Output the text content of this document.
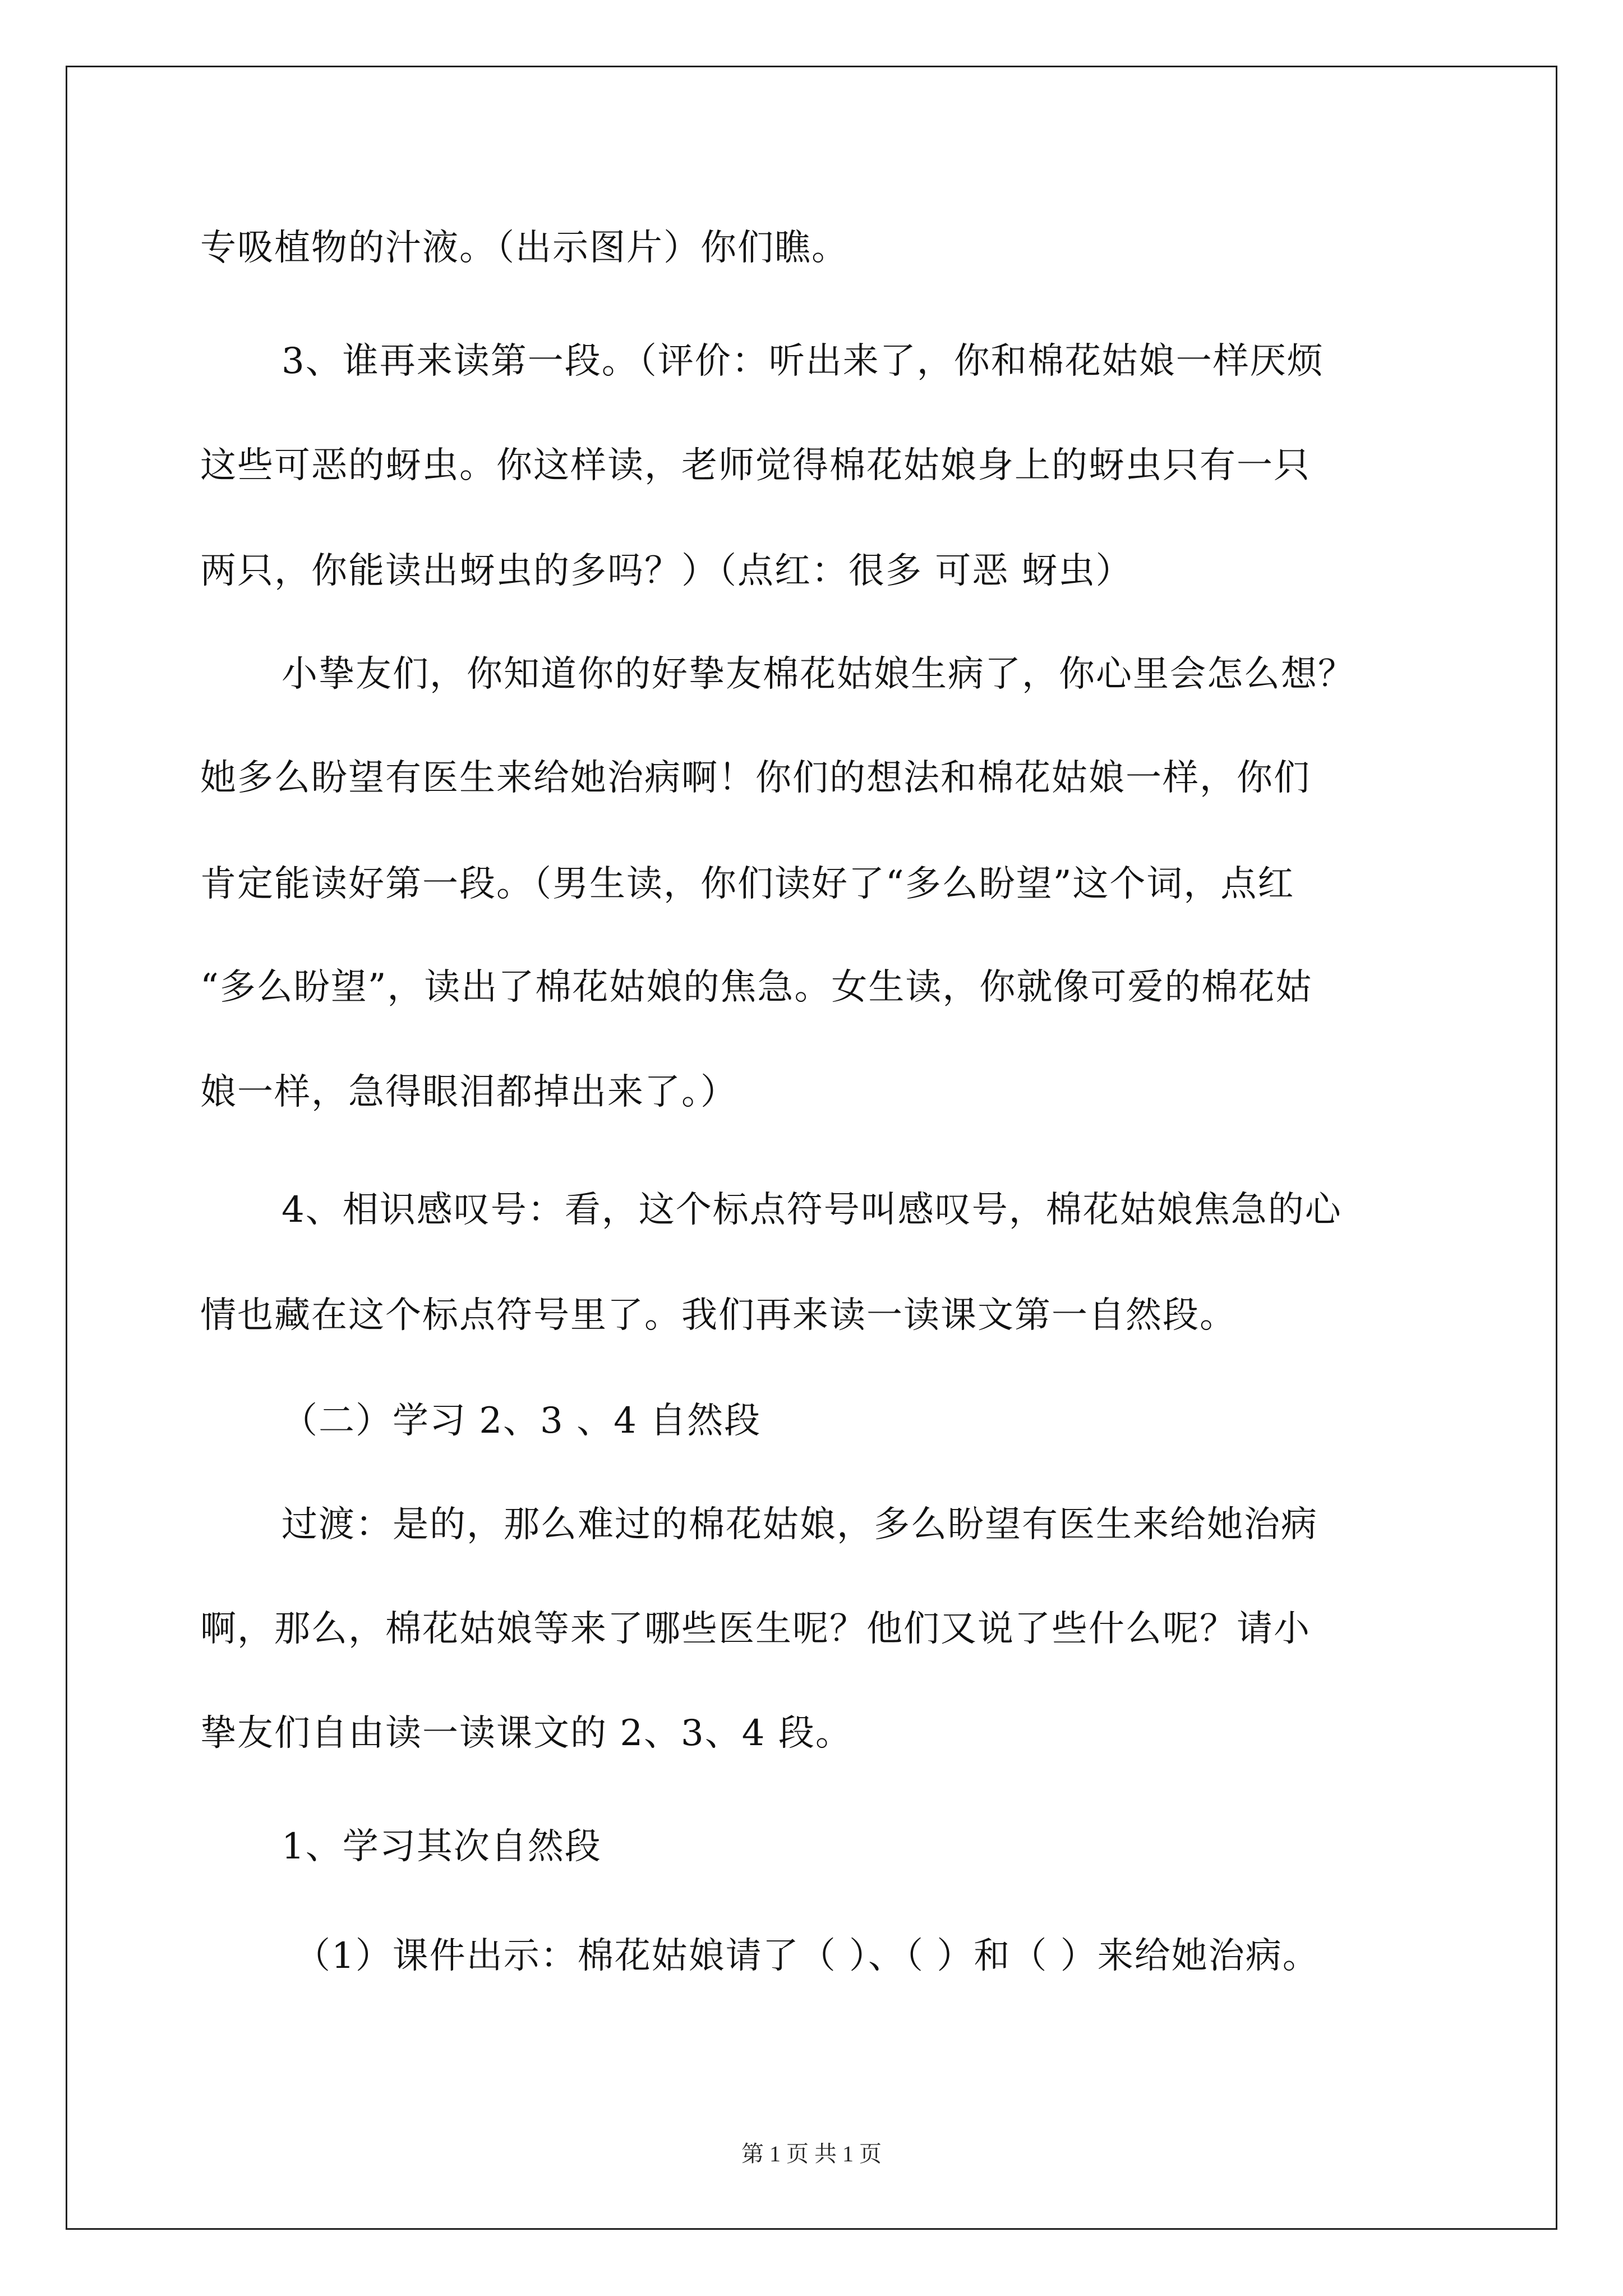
专吸植物的汁液。（出示图片）你们瞧。
3、谁再来读第一段。（评价：听出来了，你和棉花姑娘一样厌烦
这些可恶的蚜虫。你这样读，老师觉得棉花姑娘身上的蚜虫只有一只
两只，你能读出蚜虫的多吗？）（点红：很多 可恶 蚜虫）
小挚友们，你知道你的好挚友棉花姑娘生病了，你心里会怎么想？
她多么盼望有医生来给她治病啊！你们的想法和棉花姑娘一样，你们
肯定能读好第一段。（男生读，你们读好了“多么盼望”这个词，点红
“多么盼望”，读出了棉花姑娘的焦急。女生读，你就像可爱的棉花姑
娘一样，急得眼泪都掉出来了。）
4、相识感叹号：看，这个标点符号叫感叹号，棉花姑娘焦急的心
情也藏在这个标点符号里了。我们再来读一读课文第一自然段。
（二）学习 2、3 、4 自然段
过渡：是的，那么难过的棉花姑娘，多么盼望有医生来给她治病
啊，那么，棉花姑娘等来了哪些医生呢？他们又说了些什么呢？请小
挚友们自由读一读课文的 2、3、4 段。
1、学习其次自然段
（1）课件出示：棉花姑娘请了（ ）、（ ）和（ ）来给她治病。
第 1 页 共 1 页
